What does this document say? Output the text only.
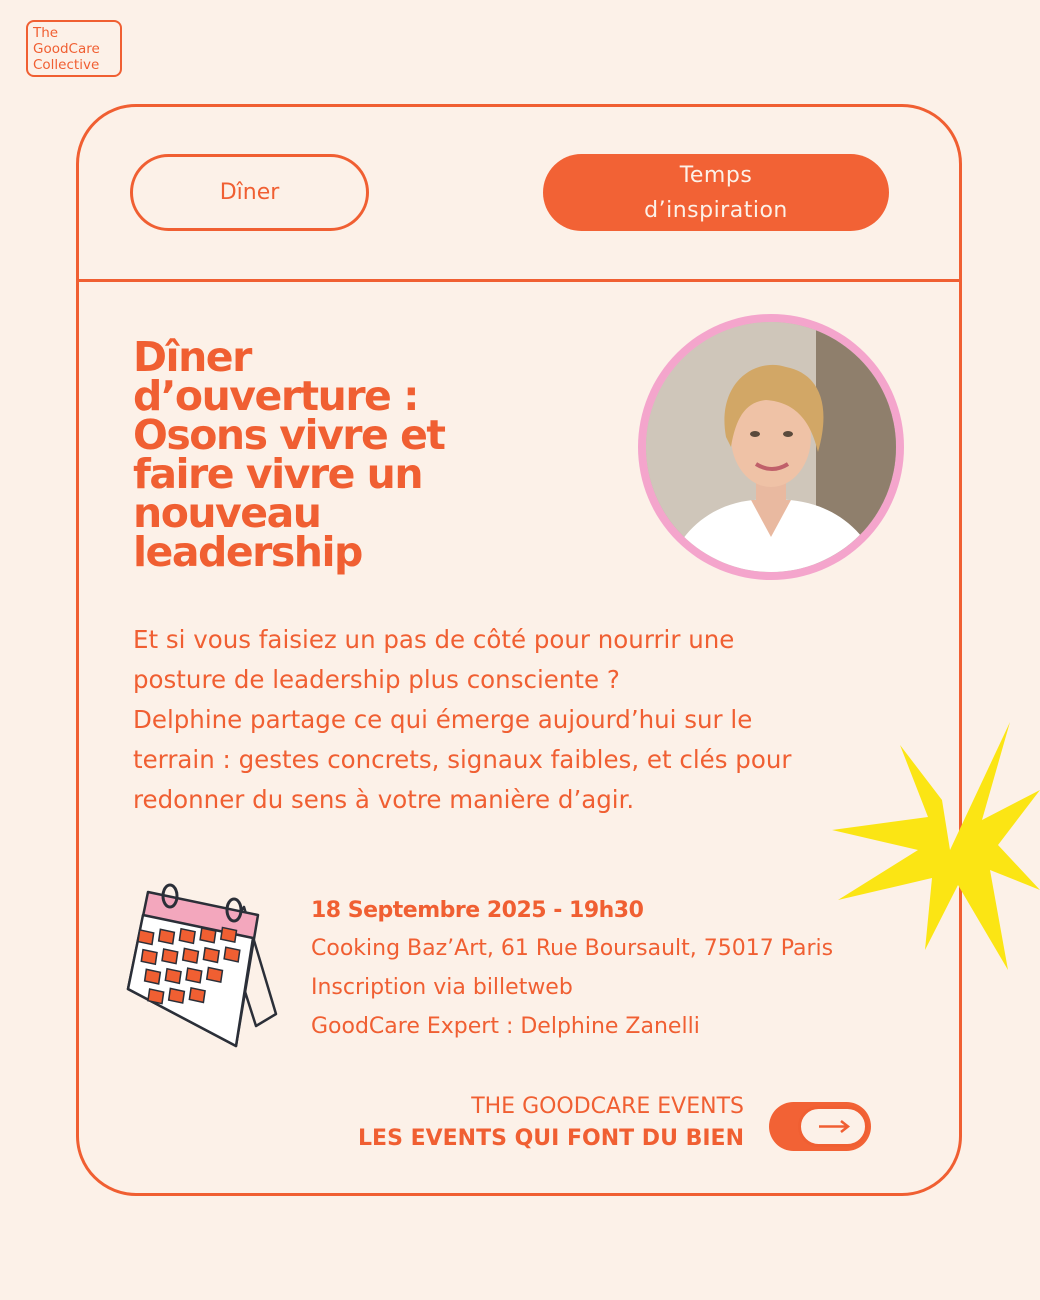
The
GoodCare
Collective
Dîner
Temps
d’inspiration
Dîner
d’ouverture :
Osons vivre et
faire vivre un
nouveau
leadership

Et si vous faisiez un pas de côté pour nourrir une

posture de leadership plus consciente ?

Delphine partage ce qui émerge aujourd’hui sur le

terrain : gestes concrets, signaux faibles, et clés pour

redonner du sens à votre manière d’agir.

18 Septembre 2025 - 19h30
Cooking Baz’Art, 61 Rue Boursault, 75017 Paris
Inscription via billetweb
GoodCare Expert : Delphine Zanelli
THE GOODCARE EVENTS
LES EVENTS QUI FONT DU BIEN
